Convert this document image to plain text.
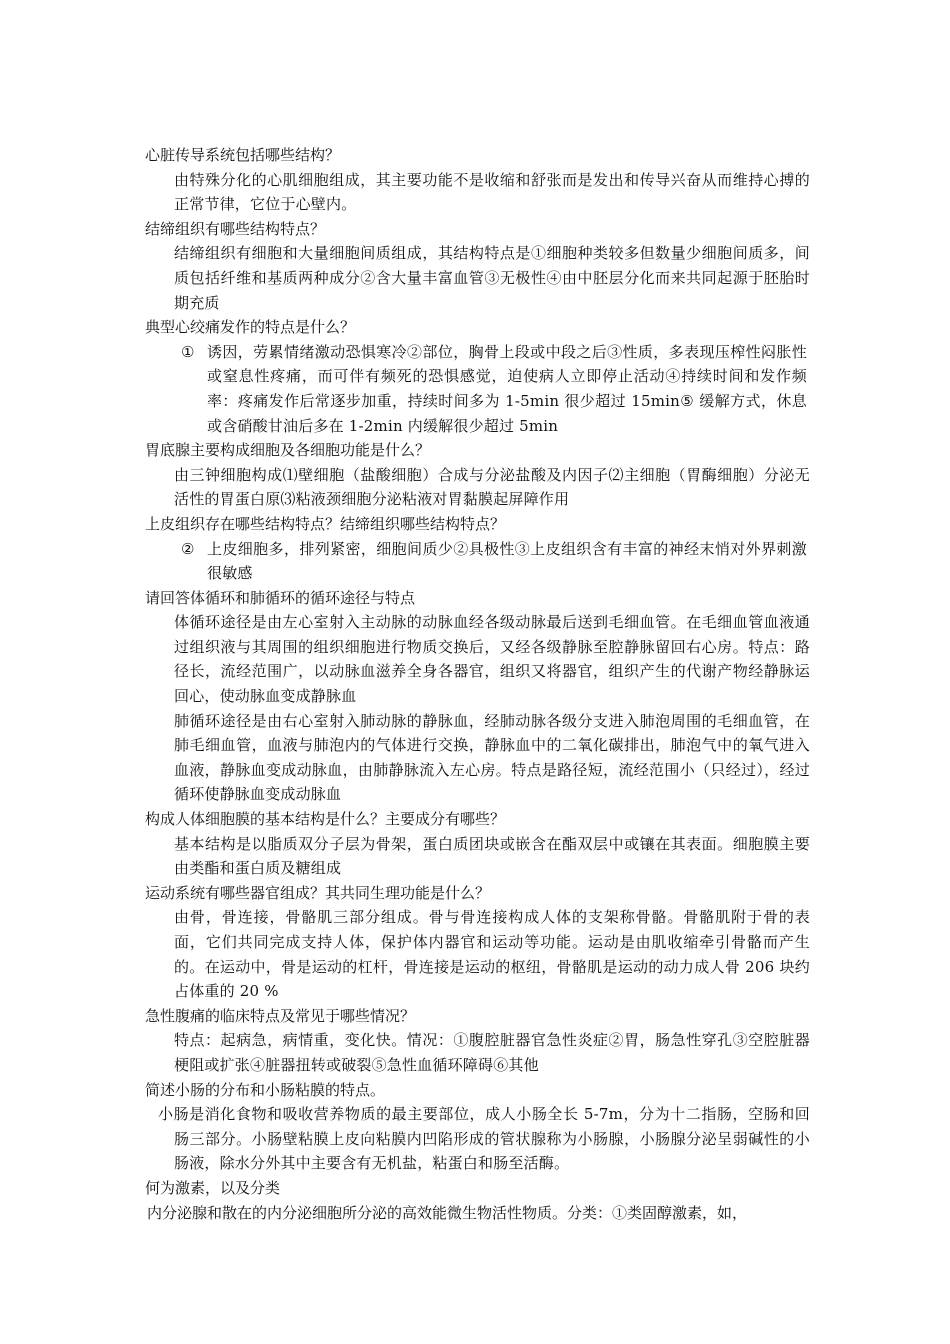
心脏传导系统包括哪些结构？
由特殊分化的心肌细胞组成，其主要功能不是收缩和舒张而是发出和传导兴奋从而维持心搏的正常节律，它位于心壁内。
结缔组织有哪些结构特点？
结缔组织有细胞和大量细胞间质组成，其结构特点是①细胞种类较多但数量少细胞间质多，间质包括纤维和基质两种成分②含大量丰富血管③无极性④由中胚层分化而来共同起源于胚胎时期充质
典型心绞痛发作的特点是什么？
① 诱因，劳累情绪激动恐惧寒冷②部位，胸骨上段或中段之后③性质，多表现压榨性闷胀性或窒息性疼痛，而可伴有频死的恐惧感觉，迫使病人立即停止活动④持续时间和发作频率：疼痛发作后常逐步加重，持续时间多为 1-5min 很少超过 15min⑤ 缓解方式，休息或含硝酸甘油后多在 1-2min 内缓解很少超过 5min
胃底腺主要构成细胞及各细胞功能是什么？
由三钟细胞构成⑴壁细胞（盐酸细胞）合成与分泌盐酸及内因子⑵主细胞（胃酶细胞）分泌无活性的胃蛋白原⑶粘液颈细胞分泌粘液对胃黏膜起屏障作用
上皮组织存在哪些结构特点？结缔组织哪些结构特点？
② 上皮细胞多，排列紧密，细胞间质少②具极性③上皮组织含有丰富的神经末悄对外界刺激很敏感
请回答体循环和肺循环的循环途径与特点
体循环途径是由左心室射入主动脉的动脉血经各级动脉最后送到毛细血管。在毛细血管血液通过组织液与其周围的组织细胞进行物质交换后，又经各级静脉至腔静脉留回右心房。特点：路径长，流经范围广，以动脉血滋养全身各器官，组织又将器官，组织产生的代谢产物经静脉运回心，使动脉血变成静脉血
肺循环途径是由右心室射入肺动脉的静脉血，经肺动脉各级分支进入肺泡周围的毛细血管，在肺毛细血管，血液与肺泡内的气体进行交换，静脉血中的二氧化碳排出，肺泡气中的氧气进入血液，静脉血变成动脉血，由肺静脉流入左心房。特点是路径短，流经范围小（只经过），经过循环使静脉血变成动脉血
构成人体细胞膜的基本结构是什么？主要成分有哪些？
基本结构是以脂质双分子层为骨架，蛋白质团块或嵌含在酯双层中或镶在其表面。细胞膜主要由类酯和蛋白质及糖组成
运动系统有哪些器官组成？其共同生理功能是什么？
由骨，骨连接，骨骼肌三部分组成。骨与骨连接构成人体的支架称骨骼。骨骼肌附于骨的表面，它们共同完成支持人体，保护体内器官和运动等功能。运动是由肌收缩牵引骨骼而产生的。在运动中，骨是运动的杠杆，骨连接是运动的枢纽，骨骼肌是运动的动力成人骨 206 块约占体重的 20 %
急性腹痛的临床特点及常见于哪些情况？
特点：起病急，病情重，变化快。情况：①腹腔脏器官急性炎症②胃，肠急性穿孔③空腔脏器梗阻或扩张④脏器扭转或破裂⑤急性血循环障碍⑥其他
简述小肠的分布和小肠粘膜的特点。
小肠是消化食物和吸收营养物质的最主要部位，成人小肠全长 5-7m，分为十二指肠，空肠和回肠三部分。小肠壁粘膜上皮向粘膜内凹陷形成的管状腺称为小肠腺，小肠腺分泌呈弱碱性的小肠液，除水分外其中主要含有无机盐，粘蛋白和肠至活酶。
何为激素，以及分类
内分泌腺和散在的内分泌细胞所分泌的高效能微生物活性物质。分类：①类固醇激素，如，
